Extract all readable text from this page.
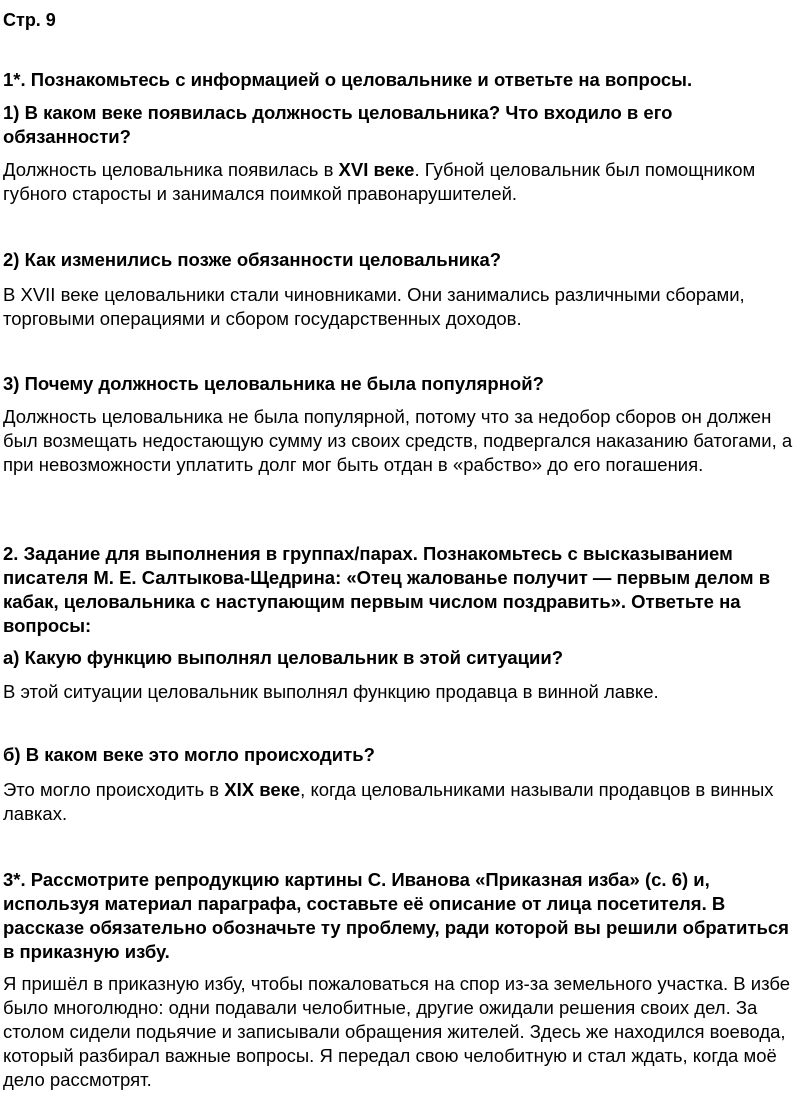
Стр. 9

1*. Познакомьтесь с информацией о целовальнике и ответьте на вопросы.

1) В каком веке появилась должность целовальника? Что входило в его обязанности?

Должность целовальника появилась в XVI веке. Губной целовальник был помощником губного старосты и занимался поимкой правонарушителей.

2) Как изменились позже обязанности целовальника?

В XVII веке целовальники стали чиновниками. Они занимались различными сборами, торговыми операциями и сбором государственных доходов.

3) Почему должность целовальника не была популярной?

Должность целовальника не была популярной, потому что за недобор сборов он должен был возмещать недостающую сумму из своих средств, подвергался наказанию батогами, а при невозможности уплатить долг мог быть отдан в «рабство» до его погашения.

2. Задание для выполнения в группах/парах. Познакомьтесь с высказыванием писателя М. Е. Салтыкова-Щедрина: «Отец жалованье получит — первым делом в кабак, целовальника с наступающим первым числом поздравить». Ответьте на вопросы:

а) Какую функцию выполнял целовальник в этой ситуации?

В этой ситуации целовальник выполнял функцию продавца в винной лавке.

б) В каком веке это могло происходить?

Это могло происходить в XIX веке, когда целовальниками называли продавцов в винных лавках.

3*. Рассмотрите репродукцию картины С. Иванова «Приказная изба» (с. 6) и, используя материал параграфа, составьте её описание от лица посетителя. В рассказе обязательно обозначьте ту проблему, ради которой вы решили обратиться в приказную избу.

Я пришёл в приказную избу, чтобы пожаловаться на спор из-за земельного участка. В избе было многолюдно: одни подавали челобитные, другие ожидали решения своих дел. За столом сидели подьячие и записывали обращения жителей. Здесь же находился воевода, который разбирал важные вопросы. Я передал свою челобитную и стал ждать, когда моё дело рассмотрят.
